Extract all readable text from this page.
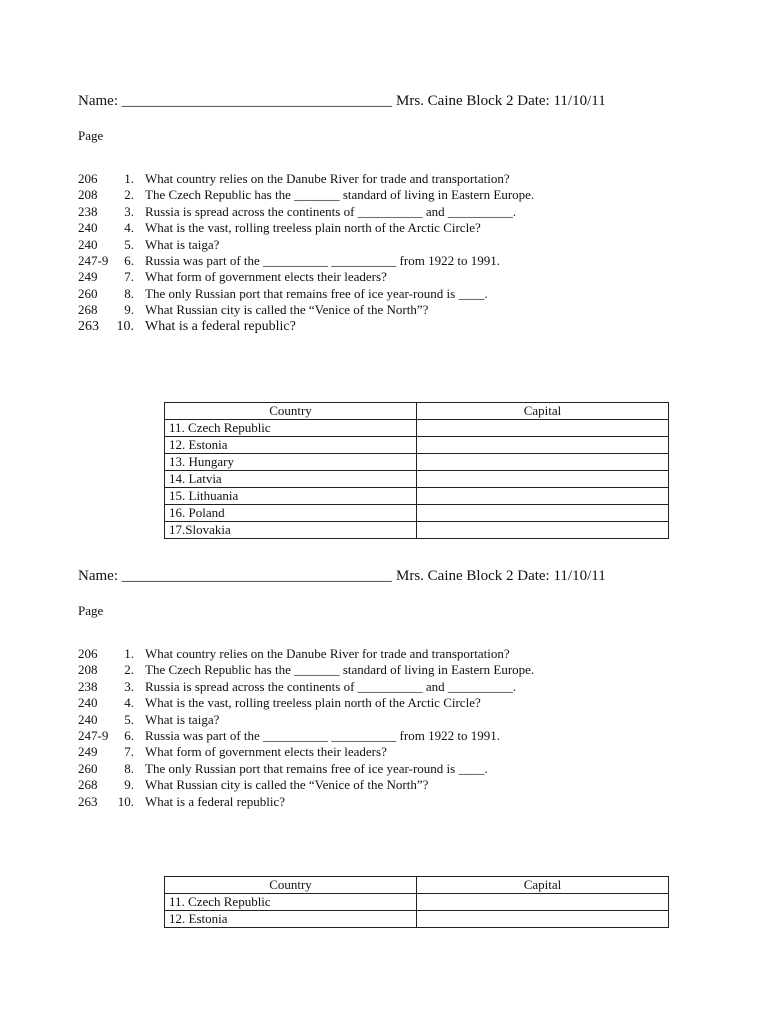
Name: ____________________________________ Mrs. Caine Block 2 Date: 11/10/11
Page
206	1. What country relies on the Danube River for trade and transportation?
208	2. The Czech Republic has the _______ standard of living in Eastern Europe.
238	3. Russia is spread across the continents of __________ and __________.
240	4. What is the vast, rolling treeless plain north of the Arctic Circle?
240	5. What is taiga?
247-9	6. Russia was part of the __________ __________ from 1922 to 1991.
249	7. What form of government elects their leaders?
260	8. The only Russian port that remains free of ice year-round is ____.
268	9. What Russian city is called the “Venice of the North”?
263	10. What is a federal republic?
Country	Capital
11. Czech Republic	
12. Estonia	
13. Hungary	
14. Latvia	
15. Lithuania	
16. Poland	
17.Slovakia	
Name: ____________________________________ Mrs. Caine Block 2 Date: 11/10/11
Page
206	1. What country relies on the Danube River for trade and transportation?
208	2. The Czech Republic has the _______ standard of living in Eastern Europe.
238	3. Russia is spread across the continents of __________ and __________.
240	4. What is the vast, rolling treeless plain north of the Arctic Circle?
240	5. What is taiga?
247-9	6. Russia was part of the __________ __________ from 1922 to 1991.
249	7. What form of government elects their leaders?
260	8. The only Russian port that remains free of ice year-round is ____.
268	9. What Russian city is called the “Venice of the North”?
263	10. What is a federal republic?
Country	Capital
11. Czech Republic	
12. Estonia	
